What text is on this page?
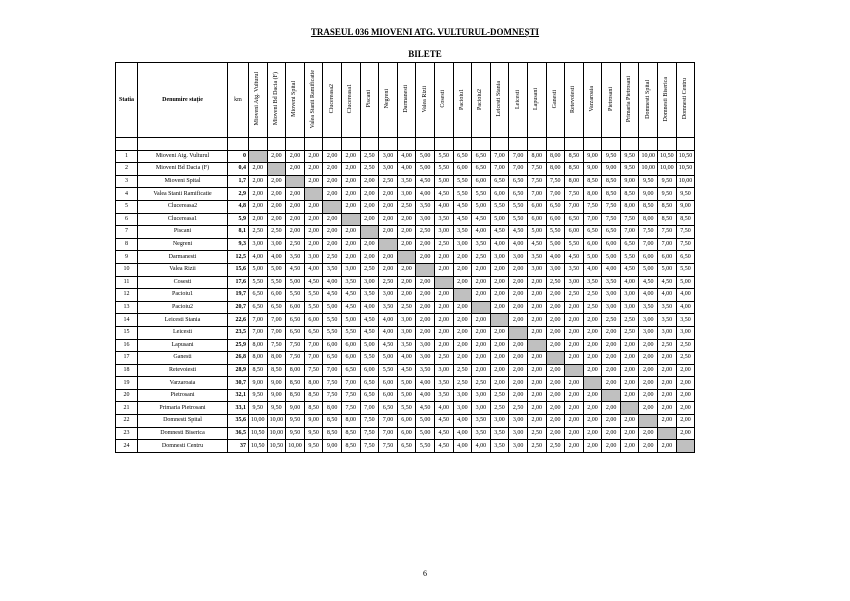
TRASEUL 036 MIOVENI ATG. VULTURUL-DOMNEȘTI
BILETE
Statia	Denumire stație	km	Mioveni Atg. Vulturul	Mioveni Bd Dacia (F)	Mioveni Spital	Valea Stanii Ramificatie	Clucereasa2	Clucereasa1	Piscani	Negreni	Darmanesti	Valea Rizii	Cosesti	Pacioiu1	Pacioiu2	Leicesti Stania	Leicesti	Lapusani	Ganesti	Retevoiesti	Varzaroaia	Pietrosani	Primaria Pietrosani	Domnesti Spital	Domnesti Biserica	Domnesti Centru

1	Mioveni Atg. Vulturul	0		2,00	2,00	2,00	2,00	2,00	2,50	3,00	4,00	5,00	5,50	6,50	6,50	7,00	7,00	8,00	8,00	8,50	9,00	9,50	9,50	10,00	10,50	10,50
2	Mioveni Bd Dacia (F)	0,4	2,00		2,00	2,00	2,00	2,00	2,50	3,00	4,00	5,00	5,50	6,00	6,50	7,00	7,00	7,50	8,00	8,50	9,00	9,00	9,50	10,00	10,00	10,50
3	Mioveni Spital	1,7	2,00	2,00		2,00	2,00	2,00	2,00	2,50	3,50	4,50	5,00	5,50	6,00	6,50	6,50	7,50	7,50	8,00	8,50	8,50	9,00	9,50	9,50	10,00
4	Valea Stanii Ramificatie	2,9	2,00	2,00	2,00		2,00	2,00	2,00	2,00	3,00	4,00	4,50	5,50	5,50	6,00	6,50	7,00	7,00	7,50	8,00	8,50	8,50	9,00	9,50	9,50
5	Clucereasa2	4,8	2,00	2,00	2,00	2,00		2,00	2,00	2,00	2,50	3,50	4,00	4,50	5,00	5,50	5,50	6,00	6,50	7,00	7,50	7,50	8,00	8,50	8,50	9,00
6	Clucereasa1	5,9	2,00	2,00	2,00	2,00	2,00		2,00	2,00	2,00	3,00	3,50	4,50	4,50	5,00	5,50	6,00	6,00	6,50	7,00	7,50	7,50	8,00	8,50	8,50
7	Piscani	8,1	2,50	2,50	2,00	2,00	2,00	2,00		2,00	2,00	2,50	3,00	3,50	4,00	4,50	4,50	5,00	5,50	6,00	6,50	6,50	7,00	7,50	7,50	7,50
8	Negreni	9,3	3,00	3,00	2,50	2,00	2,00	2,00	2,00		2,00	2,00	2,50	3,00	3,50	4,00	4,00	4,50	5,00	5,50	6,00	6,00	6,50	7,00	7,00	7,50
9	Darmanesti	12,5	4,00	4,00	3,50	3,00	2,50	2,00	2,00	2,00		2,00	2,00	2,00	2,50	3,00	3,00	3,50	4,00	4,50	5,00	5,00	5,50	6,00	6,00	6,50
10	Valea Rizii	15,6	5,00	5,00	4,50	4,00	3,50	3,00	2,50	2,00	2,00		2,00	2,00	2,00	2,00	2,00	3,00	3,00	3,50	4,00	4,00	4,50	5,00	5,00	5,50
11	Cosesti	17,6	5,50	5,50	5,00	4,50	4,00	3,50	3,00	2,50	2,00	2,00		2,00	2,00	2,00	2,00	2,00	2,50	3,00	3,50	3,50	4,00	4,50	4,50	5,00
12	Pacioiu1	19,7	6,50	6,00	5,50	5,50	4,50	4,50	3,50	3,00	2,00	2,00	2,00		2,00	2,00	2,00	2,00	2,00	2,50	2,50	3,00	3,00	4,00	4,00	4,00
13	Pacioiu2	20,7	6,50	6,50	6,00	5,50	5,00	4,50	4,00	3,50	2,50	2,00	2,00	2,00		2,00	2,00	2,00	2,00	2,00	2,50	3,00	3,00	3,50	3,50	4,00
14	Leicesti Stania	22,6	7,00	7,00	6,50	6,00	5,50	5,00	4,50	4,00	3,00	2,00	2,00	2,00	2,00		2,00	2,00	2,00	2,00	2,00	2,50	2,50	3,00	3,50	3,50
15	Leicesti	23,5	7,00	7,00	6,50	6,50	5,50	5,50	4,50	4,00	3,00	2,00	2,00	2,00	2,00	2,00		2,00	2,00	2,00	2,00	2,00	2,50	3,00	3,00	3,00
16	Lapusani	25,9	8,00	7,50	7,50	7,00	6,00	6,00	5,00	4,50	3,50	3,00	2,00	2,00	2,00	2,00	2,00		2,00	2,00	2,00	2,00	2,00	2,00	2,50	2,50
17	Ganesti	26,8	8,00	8,00	7,50	7,00	6,50	6,00	5,50	5,00	4,00	3,00	2,50	2,00	2,00	2,00	2,00	2,00		2,00	2,00	2,00	2,00	2,00	2,00	2,50
18	Retevoiesti	28,9	8,50	8,50	8,00	7,50	7,00	6,50	6,00	5,50	4,50	3,50	3,00	2,50	2,00	2,00	2,00	2,00	2,00		2,00	2,00	2,00	2,00	2,00	2,00
19	Varzaroaia	30,7	9,00	9,00	8,50	8,00	7,50	7,00	6,50	6,00	5,00	4,00	3,50	2,50	2,50	2,00	2,00	2,00	2,00	2,00		2,00	2,00	2,00	2,00	2,00
20	Pietrosani	32,1	9,50	9,00	8,50	8,50	7,50	7,50	6,50	6,00	5,00	4,00	3,50	3,00	3,00	2,50	2,00	2,00	2,00	2,00	2,00		2,00	2,00	2,00	2,00
21	Primaria Pietrosani	33,1	9,50	9,50	9,00	8,50	8,00	7,50	7,00	6,50	5,50	4,50	4,00	3,00	3,00	2,50	2,50	2,00	2,00	2,00	2,00	2,00		2,00	2,00	2,00
22	Domnesti Spital	35,6	10,00	10,00	9,50	9,00	8,50	8,00	7,50	7,00	6,00	5,00	4,50	4,00	3,50	3,00	3,00	2,00	2,00	2,00	2,00	2,00	2,00		2,00	2,00
23	Domnesti Biserica	36,5	10,50	10,00	9,50	9,50	8,50	8,50	7,50	7,00	6,00	5,00	4,50	4,00	3,50	3,50	3,00	2,50	2,00	2,00	2,00	2,00	2,00	2,00		2,00
24	Domnesti Centru	37	10,50	10,50	10,00	9,50	9,00	8,50	7,50	7,50	6,50	5,50	4,50	4,00	4,00	3,50	3,00	2,50	2,50	2,00	2,00	2,00	2,00	2,00	2,00	
6
